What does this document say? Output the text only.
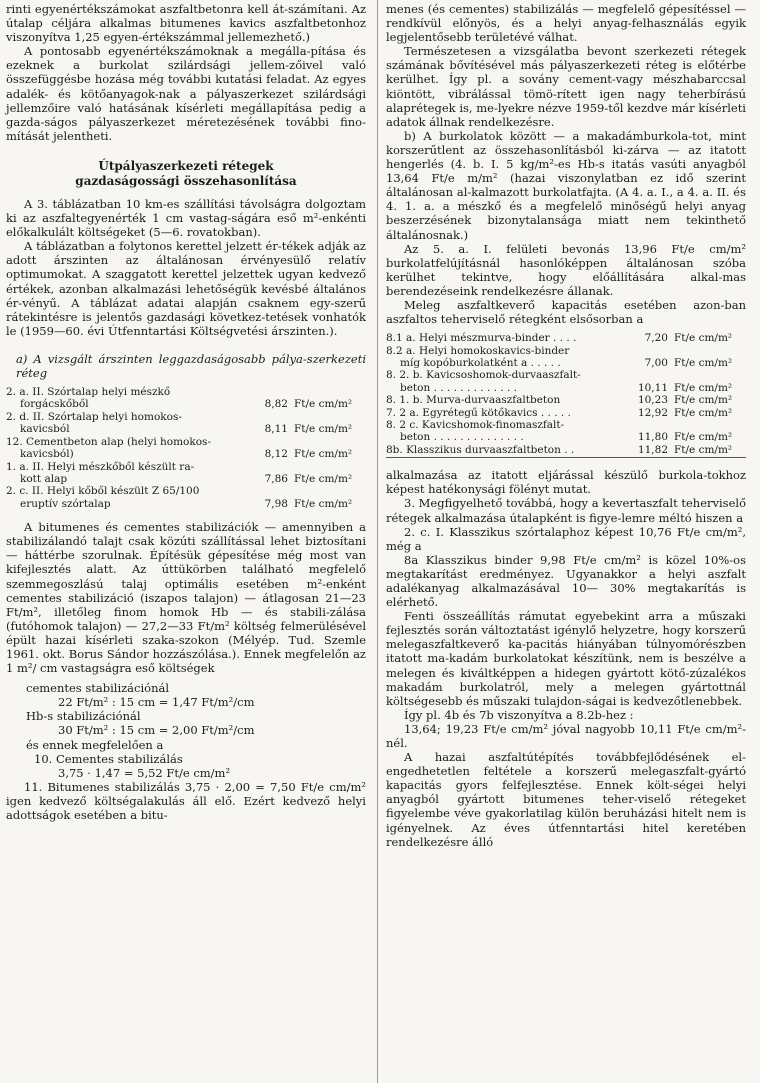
rinti egyenértékszámokat aszfaltbetonra kell át-számítani. Az útalap céljára alkalmas bitumenes kavics aszfaltbetonhoz viszonyítva 1,25 egyen-értékszámmal jellemezhető.)

A pontosabb egyenértékszámoknak a megálla-pítása és ezeknek a burkolat szilárdsági jellem-zőivel való összefüggésbe hozása még további kutatási feladat. Az egyes adalék- és kötőanyagok-nak a pályaszerkezet szilárdsági jellemzőire való hatásának kísérleti megállapítása pedig a gazda-ságos pályaszerkezet méretezésének további fino-mítását jelentheti.

Útpályaszerkezeti rétegek
gazdaságossági összehasonlítása

A 3. táblázatban 10 km-es szállítási távolságra dolgoztam ki az aszfaltegyenérték 1 cm vastag-ságára eső m²-enkénti előkalkulált költségeket (5—6. rovatokban).

A táblázatban a folytonos kerettel jelzett ér-tékek adják az adott árszinten az általánosan érvényesülő relatív optimumokat. A szaggatott kerettel jelzettek ugyan kedvező értékek, azonban alkalmazási lehetőségük kevésbé általános ér-vényű. A táblázat adatai alapján csaknem egy-szerű rátekintésre is jelentős gazdasági következ-tetések vonhatók le (1959—60. évi Útfenntartási Költségvetési árszinten.).

a) A vizsgált árszinten leggazdaságosabb pálya-szerkezeti réteg

2. a. II. Szórtalap helyi mészkő		
forgácskőből	8,82	Ft/e cm/m²
2. d. II. Szórtalap helyi homokos-		
kavicsból	8,11	Ft/e cm/m²
12. Cementbeton alap (helyi homokos-		
kavicsból)	8,12	Ft/e cm/m²
1. a. II. Helyi mészkőből készült ra-		
kott alap	7,86	Ft/e cm/m²
2. c. II. Helyi kőből készült Z 65/100		
eruptív szórtalap	7,98	Ft/e cm/m²

A bitumenes és cementes stabilizációk — amennyiben a stabilizálandó talajt csak közúti szállítással lehet biztosítani — háttérbe szorulnak. Építésük gépesítése még most van kifejlesztés alatt. Az úttükörben található megfelelő szemmegoszlású talaj optimális esetében m²-enként cementes stabilizáció (iszapos talajon) — átlagosan 21—23 Ft/m², illetőleg finom homok Hb — és stabili-zálása (futóhomok talajon) — 27,2—33 Ft/m² költség felmerülésével épült hazai kísérleti szaka-szokon (Mélyép. Tud. Szemle 1961. okt. Borus Sándor hozzászólása.). Ennek megfelelőn az 1 m²/ cm vastagságra eső költségek

cementes stabilizációnál

22 Ft/m² : 15 cm = 1,47 Ft/m²/cm

Hb-s stabilizációnál

30 Ft/m² : 15 cm = 2,00 Ft/m²/cm

és ennek megfelelően a

10. Cementes stabilizálás

3,75 · 1,47 = 5,52 Ft/e cm/m²

11. Bitumenes stabilizálás 3,75 · 2,00 = 7,50 Ft/e cm/m² igen kedvező költségalakulás áll elő. Ezért kedvező helyi adottságok esetében a bitu-

menes (és cementes) stabilizálás — megfelelő gépesítéssel — rendkívül előnyös, és a helyi anyag-felhasználás egyik legjelentősebb területévé válhat.

Természetesen a vizsgálatba bevont szerkezeti rétegek számának bővítésével más pályaszerkezeti réteg is előtérbe kerülhet. Így pl. a sovány cement-vagy mészhabarccsal kiöntött, vibrálással tömö-rített igen nagy teherbírású alaprétegek is, me-lyekre nézve 1959-től kezdve már kísérleti adatok állnak rendelkezésre.

b) A burkolatok között — a makadámburkola-tot, mint korszerűtlent az összehasonlításból ki-zárva — az itatott hengerlés (4. b. I. 5 kg/m²-es Hb-s itatás vasúti anyagból 13,64 Ft/e m/m² (hazai viszonylatban ez idő szerint általánosan al-kalmazott burkolatfajta. (A 4. a. I., a 4. a. II. és 4. 1. a. a mészkő és a megfelelő minőségű helyi anyag beszerzésének bizonytalansága miatt nem tekinthető általánosnak.)

Az 5. a. I. felületi bevonás 13,96 Ft/e cm/m² burkolatfelújításnál hasonlóképpen általánosan szóba kerülhet tekintve, hogy előállítására alkal-mas berendezéseink rendelkezésre állanak.

Meleg aszfaltkeverő kapacitás esetében azon-ban aszfaltos teherviselő rétegként elsősorban a

8.1 a. Helyi mészmurva-binder . . . .	7,20	Ft/e cm/m²
8.2 a. Helyi homokoskavics-binder		
míg kopóburkolatként a . . . . .	7,00	Ft/e cm/m²
8. 2. b. Kavicsoshomok-durvaaszfalt-		
beton . . . . . . . . . . . . .	10,11	Ft/e cm/m²
8. 1. b. Murva-durvaaszfaltbeton	10,23	Ft/e cm/m²
7. 2 a. Egyrétegű kötőkavics . . . . .	12,92	Ft/e cm/m²
8. 2 c. Kavicshomok-finomaszfalt-		
beton . . . . . . . . . . . . . .	11,80	Ft/e cm/m²
8b. Klasszikus durvaaszfaltbeton . .	11,82	Ft/e cm/m²

alkalmazása az itatott eljárással készülő burkola-tokhoz képest hatékonysági fölényt mutat.

3. Megfigyelhető továbbá, hogy a kevertaszfalt teherviselő rétegek alkalmazása útalapként is figye-lemre méltó hiszen a

2. c. I. Klasszikus szórtalaphoz képest 10,76 Ft/e cm/m², még a

8a Klasszikus binder 9,98 Ft/e cm/m² is közel 10%-os megtakarítást eredményez. Ugyanakkor a helyi aszfalt adalékanyag alkalmazásával 10— 30% megtakarítás is elérhető.

Fenti összeállítás rámutat egyebekint arra a műszaki fejlesztés során változtatást igénylő helyzetre, hogy korszerű melegaszfaltkeverő ka-pacitás hiányában túlnyomórészben itatott ma-kadám burkolatokat készítünk, nem is beszélve a melegen és kiváltképpen a hidegen gyártott kötő-zúzalékos makadám burkolatról, mely a melegen gyártottnál költségesebb és műszaki tulajdon-ságai is kedvezőtlenebbek.

Így pl. 4b és 7b viszonyítva a 8.2b-hez :

13,64; 19,23 Ft/e cm/m² jóval nagyobb 10,11 Ft/e cm/m²-nél.

A hazai aszfaltútépítés továbbfejlődésének el-engedhetetlen feltétele a korszerű melegaszfalt-gyártó kapacitás gyors felfejlesztése. Ennek költ-ségei helyi anyagból gyártott bitumenes teher-viselő rétegeket figyelembe véve gyakorlatilag külön beruházási hitelt nem is igényelnek. Az éves útfenntartási hitel keretében rendelkezésre álló
